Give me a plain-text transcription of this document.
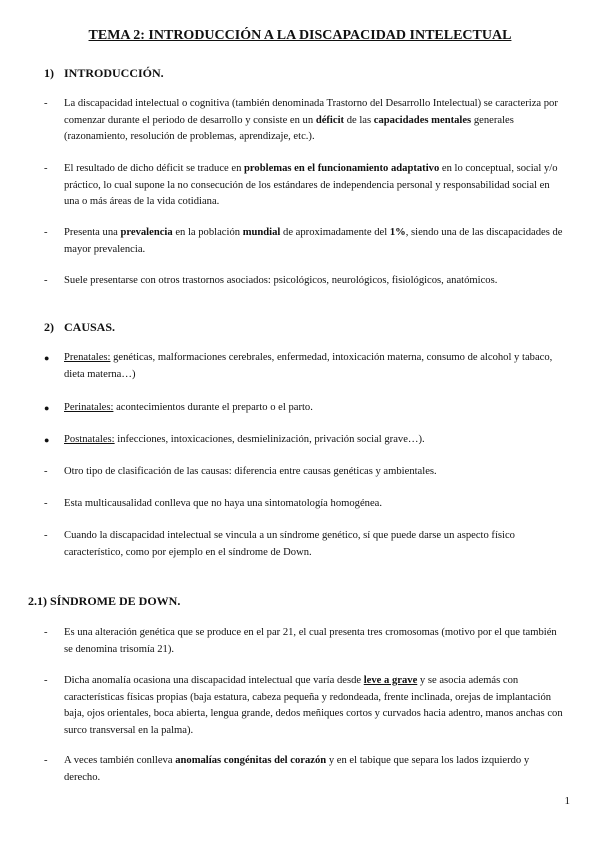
TEMA 2: INTRODUCCIÓN A LA DISCAPACIDAD INTELECTUAL
1) INTRODUCCIÓN.
-	La discapacidad intelectual o cognitiva (también denominada Trastorno del Desarrollo Intelectual) se caracteriza por comenzar durante el periodo de desarrollo y consiste en un déficit de las capacidades mentales generales (razonamiento, resolución de problemas, aprendizaje, etc.).
-	El resultado de dicho déficit se traduce en problemas en el funcionamiento adaptativo en lo conceptual, social y/o práctico, lo cual supone la no consecución de los estándares de independencia personal y responsabilidad social en una o más áreas de la vida cotidiana.
-	Presenta una prevalencia en la población mundial de aproximadamente del 1%, siendo una de las discapacidades de mayor prevalencia.
-	Suele presentarse con otros trastornos asociados: psicológicos, neurológicos, fisiológicos, anatómicos.
2) CAUSAS.
●	Prenatales: genéticas, malformaciones cerebrales, enfermedad, intoxicación materna, consumo de alcohol y tabaco, dieta materna…)
●	Perinatales: acontecimientos durante el preparto o el parto.
●	Postnatales: infecciones, intoxicaciones, desmielinización, privación social grave…).
-	Otro tipo de clasificación de las causas: diferencia entre causas genéticas y ambientales.
-	Esta multicausalidad conlleva que no haya una sintomatología homogénea.
-	Cuando la discapacidad intelectual se vincula a un síndrome genético, sí que puede darse un aspecto físico característico, como por ejemplo en el síndrome de Down.
2.1) SÍNDROME DE DOWN.
-	Es una alteración genética que se produce en el par 21, el cual presenta tres cromosomas (motivo por el que también se denomina trisomía 21).
-	Dicha anomalía ocasiona una discapacidad intelectual que varía desde leve a grave y se asocia además con características físicas propias (baja estatura, cabeza pequeña y redondeada, frente inclinada, orejas de implantación baja, ojos orientales, boca abierta, lengua grande, dedos meñiques cortos y curvados hacia adentro, manos anchas con surco transversal en la palma).
-	A veces también conlleva anomalías congénitas del corazón y en el tabique que separa los lados izquierdo y derecho.
1
